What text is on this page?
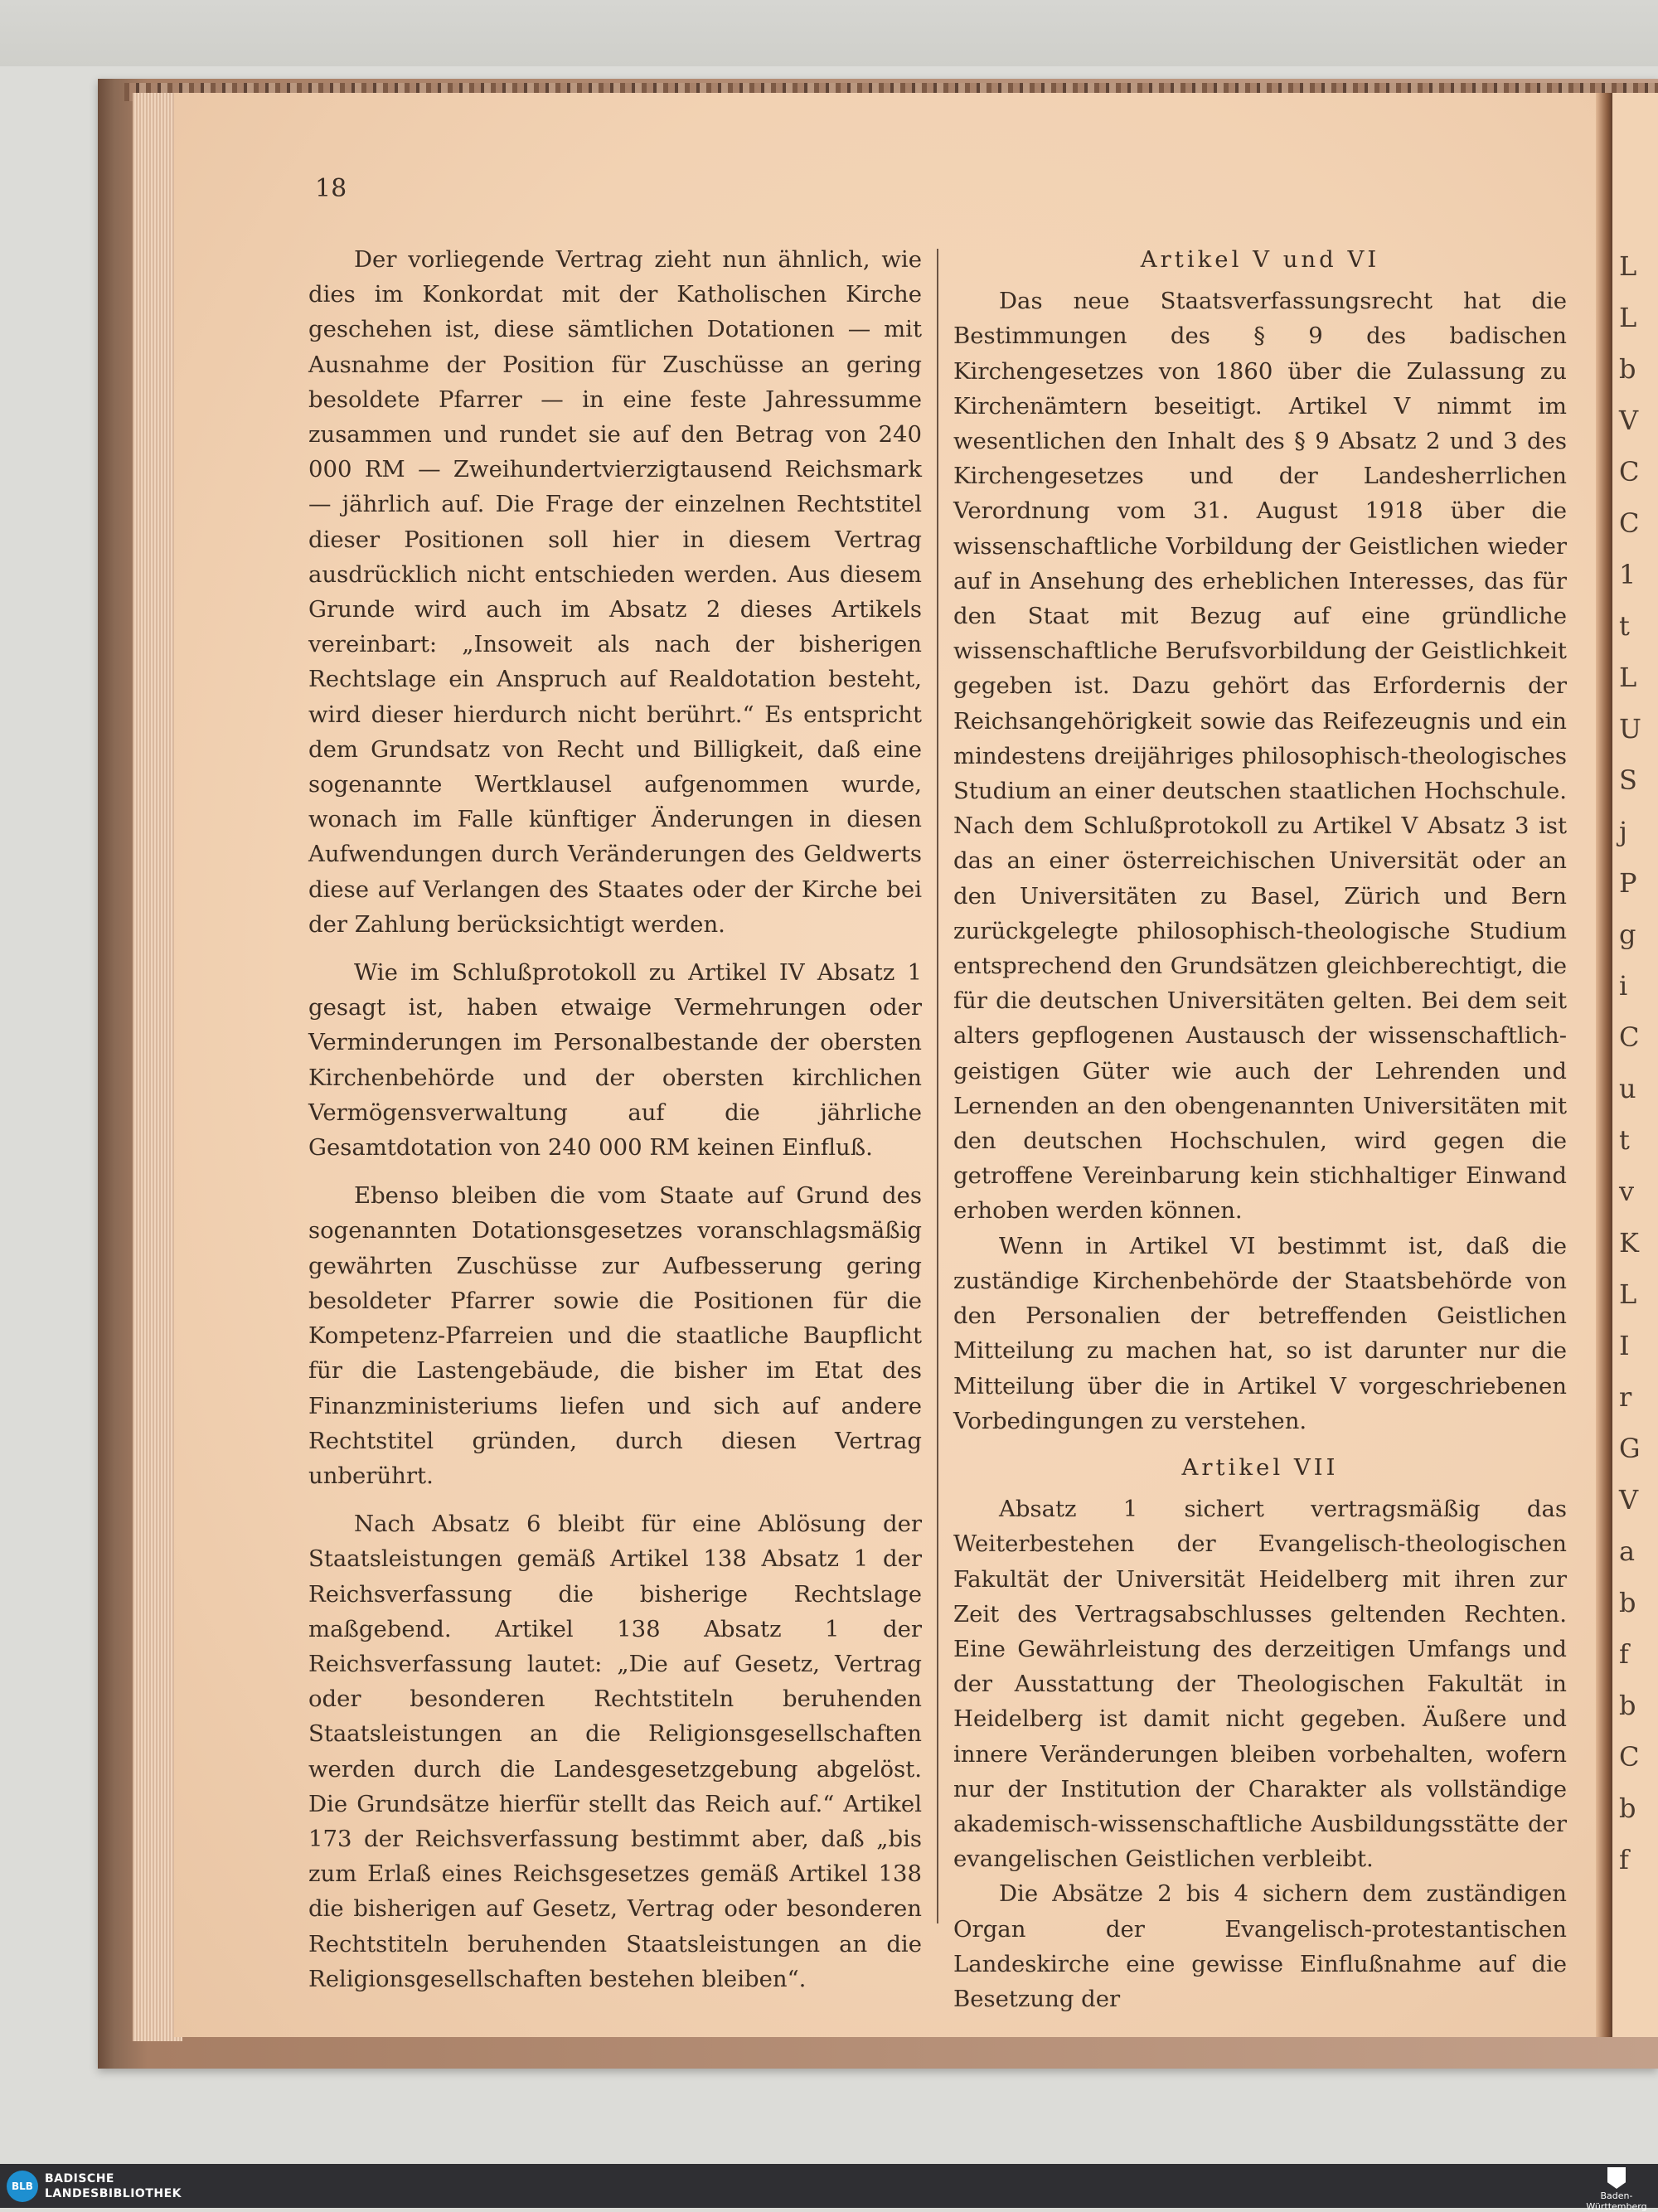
18

Der vorliegende Vertrag zieht nun ähnlich, wie dies im Konkordat mit der Katholischen Kirche geschehen ist, diese sämtlichen Dotationen — mit Ausnahme der Position für Zuschüsse an gering besoldete Pfarrer — in eine feste Jahressumme zusammen und rundet sie auf den Betrag von 240 000 RM — Zweihundertvierzigtausend Reichsmark — jährlich auf. Die Frage der einzelnen Rechtstitel dieser Positionen soll hier in diesem Vertrag ausdrücklich nicht entschieden werden. Aus diesem Grunde wird auch im Absatz 2 dieses Artikels vereinbart: „Insoweit als nach der bisherigen Rechtslage ein Anspruch auf Realdotation besteht, wird dieser hierdurch nicht berührt.“ Es entspricht dem Grundsatz von Recht und Billigkeit, daß eine sogenannte Wertklausel aufgenommen wurde, wonach im Falle künftiger Änderungen in diesen Aufwendungen durch Veränderungen des Geldwerts diese auf Verlangen des Staates oder der Kirche bei der Zahlung berücksichtigt werden.

Wie im Schlußprotokoll zu Artikel IV Absatz 1 gesagt ist, haben etwaige Vermehrungen oder Verminderungen im Personalbestande der obersten Kirchenbehörde und der obersten kirchlichen Vermögensverwaltung auf die jährliche Gesamtdotation von 240 000 RM keinen Einfluß.

Ebenso bleiben die vom Staate auf Grund des sogenannten Dotationsgesetzes voranschlagsmäßig gewährten Zuschüsse zur Aufbesserung gering besoldeter Pfarrer sowie die Positionen für die Kompetenz-Pfarreien und die staatliche Baupflicht für die Lastengebäude, die bisher im Etat des Finanzministeriums liefen und sich auf andere Rechtstitel gründen, durch diesen Vertrag unberührt.

Nach Absatz 6 bleibt für eine Ablösung der Staatsleistungen gemäß Artikel 138 Absatz 1 der Reichsverfassung die bisherige Rechtslage maßgebend. Artikel 138 Absatz 1 der Reichsverfassung lautet: „Die auf Gesetz, Vertrag oder besonderen Rechtstiteln beruhenden Staatsleistungen an die Religionsgesellschaften werden durch die Landesgesetzgebung abgelöst. Die Grundsätze hierfür stellt das Reich auf.“ Artikel 173 der Reichsverfassung bestimmt aber, daß „bis zum Erlaß eines Reichsgesetzes gemäß Artikel 138 die bisherigen auf Gesetz, Vertrag oder besonderen Rechtstiteln beruhenden Staatsleistungen an die Religionsgesellschaften bestehen bleiben“.

Artikel V und VI

Das neue Staatsverfassungsrecht hat die Bestimmungen des § 9 des badischen Kirchengesetzes von 1860 über die Zulassung zu Kirchenämtern beseitigt. Artikel V nimmt im wesentlichen den Inhalt des § 9 Absatz 2 und 3 des Kirchengesetzes und der Landesherrlichen Verordnung vom 31. August 1918 über die wissenschaftliche Vorbildung der Geistlichen wieder auf in Ansehung des erheblichen Interesses, das für den Staat mit Bezug auf eine gründliche wissenschaftliche Berufsvorbildung der Geistlichkeit gegeben ist. Dazu gehört das Erfordernis der Reichsangehörigkeit sowie das Reifezeugnis und ein mindestens dreijähriges philosophisch-theologisches Studium an einer deutschen staatlichen Hochschule. Nach dem Schlußprotokoll zu Artikel V Absatz 3 ist das an einer österreichischen Universität oder an den Universitäten zu Basel, Zürich und Bern zurückgelegte philosophisch-theologische Studium entsprechend den Grundsätzen gleichberechtigt, die für die deutschen Universitäten gelten. Bei dem seit alters gepflogenen Austausch der wissenschaftlich-geistigen Güter wie auch der Lehrenden und Lernenden an den obengenannten Universitäten mit den deutschen Hochschulen, wird gegen die getroffene Vereinbarung kein stichhaltiger Einwand erhoben werden können.

Wenn in Artikel VI bestimmt ist, daß die zuständige Kirchenbehörde der Staatsbehörde von den Personalien der betreffenden Geistlichen Mitteilung zu machen hat, so ist darunter nur die Mitteilung über die in Artikel V vorgeschriebenen Vorbedingungen zu verstehen.

Artikel VII

Absatz 1 sichert vertragsmäßig das Weiterbestehen der Evangelisch-theologischen Fakultät der Universität Heidelberg mit ihren zur Zeit des Vertragsabschlusses geltenden Rechten. Eine Gewährleistung des derzeitigen Umfangs und der Ausstattung der Theologischen Fakultät in Heidelberg ist damit nicht gegeben. Äußere und innere Veränderungen bleiben vorbehalten, wofern nur der Institution der Charakter als vollständige akademisch-wissenschaftliche Ausbildungsstätte der evangelischen Geistlichen verbleibt.

Die Absätze 2 bis 4 sichern dem zuständigen Organ der Evangelisch-protestantischen Landeskirche eine gewisse Einflußnahme auf die Besetzung der

L
L
b
V
C
C
1
t
L
U
S
j
P
g
i
C
u
t
v
K
L
I
r
G
V
a
b
f
b
C
b
f
BLB
BADISCHE
LANDESBIBLIOTHEK	Baden-Württemberg
